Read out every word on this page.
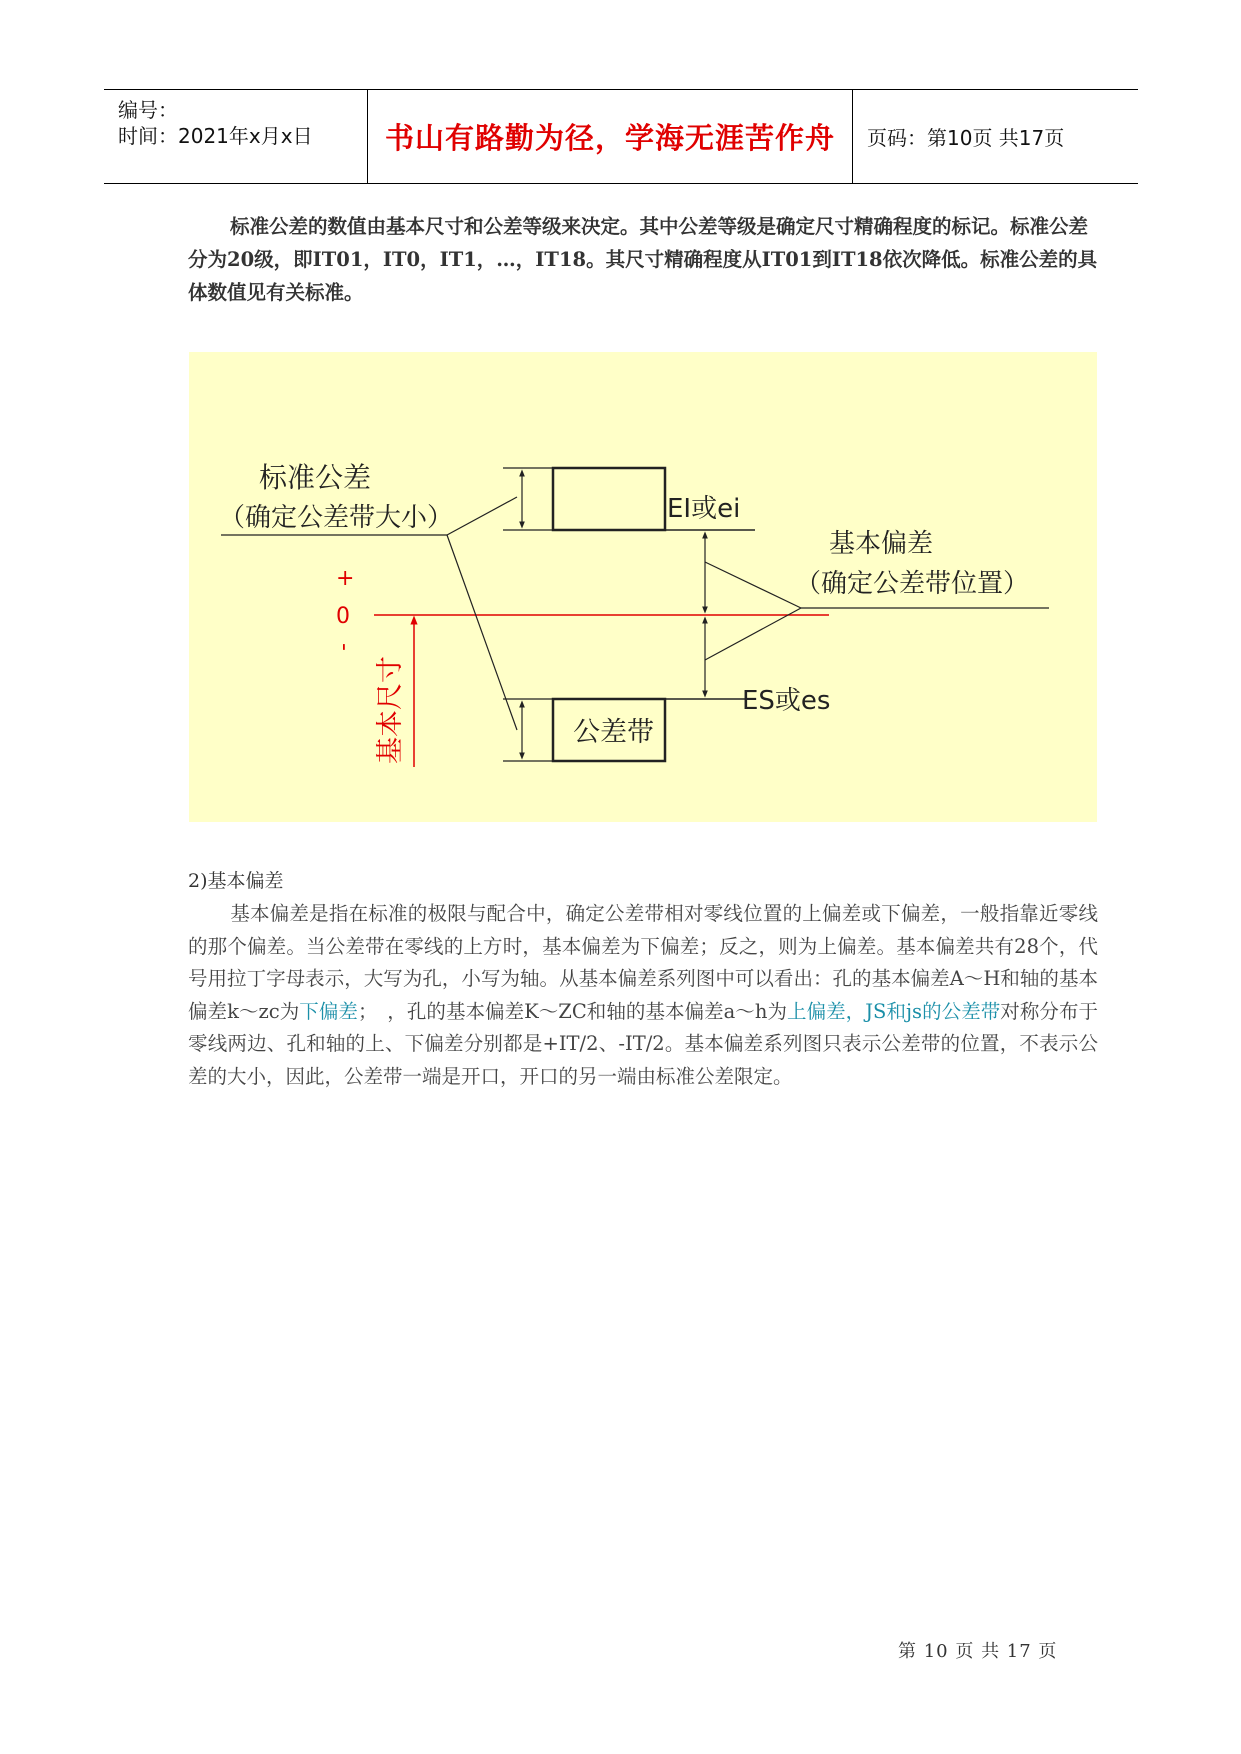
编号：
时间：2021年x月x日	书山有路勤为径，学海无涯苦作舟	页码：第10页 共17页
标准公差的数值由基本尺寸和公差等级来决定。其中公差等级是确定尺寸精确程度的标记。标准公差分为20级，即IT01，IT0，IT1，…，IT18。其尺寸精确程度从IT01到IT18依次降低。标准公差的具体数值见有关标准。
标准公差
（确定公差带大小）	EI或ei
基本偏差
（确定公差带位置）
ES或es
公差带
+
0
-
基本尺寸
2)基本偏差
基本偏差是指在标准的极限与配合中，确定公差带相对零线位置的上偏差或下偏差，一般指靠近零线的那个偏差。当公差带在零线的上方时，基本偏差为下偏差；反之，则为上偏差。基本偏差共有28个，代号用拉丁字母表示，大写为孔，小写为轴。从基本偏差系列图中可以看出：孔的基本偏差A～H和轴的基本偏差k～zc为下偏差；　，孔的基本偏差K～ZC和轴的基本偏差a～h为上偏差，JS和js的公差带对称分布于零线两边、孔和轴的上、下偏差分别都是+IT/2、-IT/2。基本偏差系列图只表示公差带的位置，不表示公差的大小，因此，公差带一端是开口，开口的另一端由标准公差限定。
第 10 页 共 17 页
